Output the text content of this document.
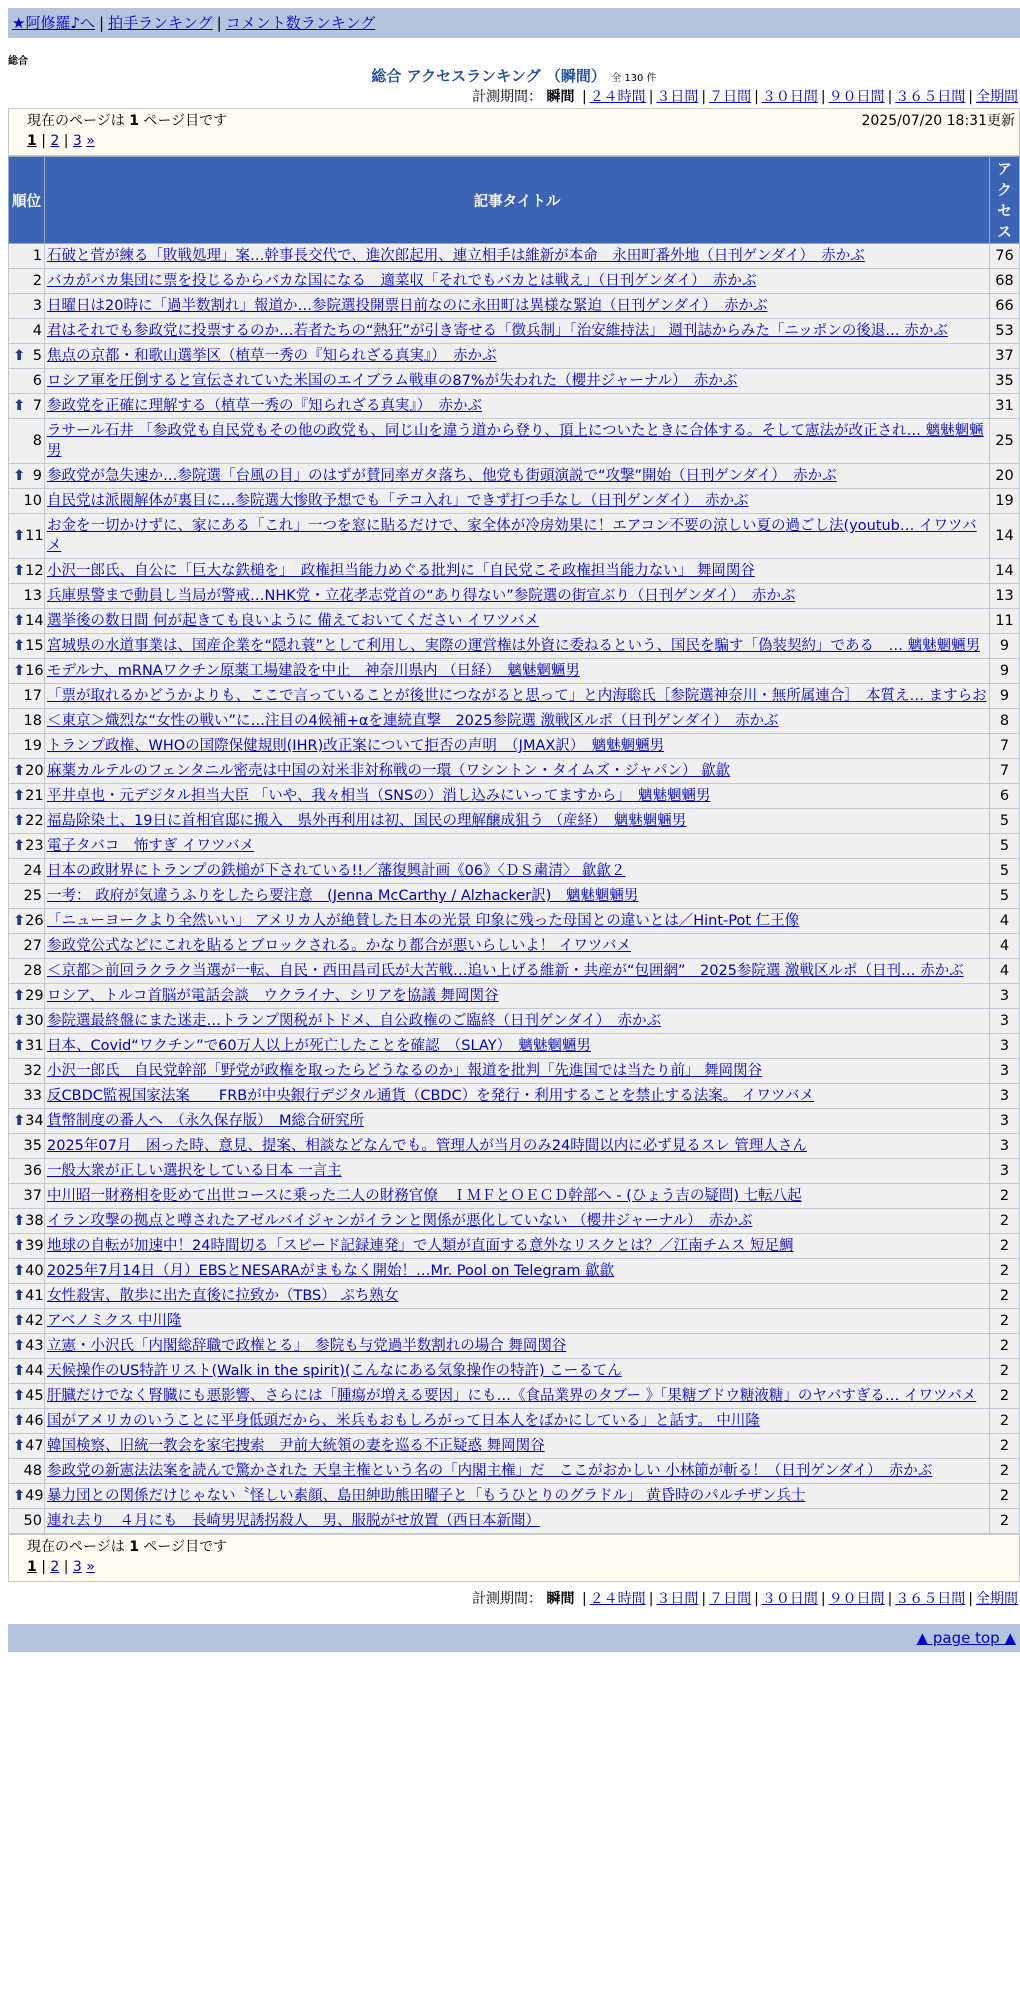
★阿修羅♪へ | 拍手ランキング | コメント数ランキング
総合
総合 アクセスランキング （瞬間） 全 130 件
計測期間： 瞬間 | ２４時間 | ３日間 | ７日間 | ３０日間 | ９０日間 | ３６５日間 | 全期間
現在のページは 1 ページ目です	2025/07/20 18:31更新
1 | 2 | 3 »
順位	記事タイトル	アクセス
1	石破と菅が練る「敗戦処理」案…幹事長交代で、進次郎起用、連立相手は維新が本命　永田町番外地（日刊ゲンダイ）　赤かぶ	76
2	バカがバカ集団に票を投じるからバカな国になる　適菜収「それでもバカとは戦え」（日刊ゲンダイ）　赤かぶ	68
3	日曜日は20時に「過半数割れ」報道か…参院選投開票日前なのに永田町は異様な緊迫（日刊ゲンダイ）　赤かぶ	66
4	君はそれでも参政党に投票するのか…若者たちの“熱狂”が引き寄せる「徴兵制」「治安維持法」 週刊誌からみた「ニッポンの後退… 赤かぶ	53

⬆ 5	焦点の京都・和歌山選挙区（植草一秀の『知られざる真実』）　赤かぶ	37
6	ロシア軍を圧倒すると宣伝されていた米国のエイブラム戦車の87%が失われた（櫻井ジャーナル）　赤かぶ	35

⬆ 7	参政党を正確に理解する（植草一秀の『知られざる真実』）　赤かぶ	31
8	ラサール石井 「参政党も自民党もその他の政党も、同じ山を違う道から登り、頂上についたときに合体する。そして憲法が改正され… 魑魅魍魎男	25

⬆ 9	参政党が急失速か…参院選「台風の目」のはずが賛同率ガタ落ち、他党も街頭演説で“攻撃”開始（日刊ゲンダイ）　赤かぶ	20
10	自民党は派閥解体が裏目に…参院選大惨敗予想でも「テコ入れ」できず打つ手なし（日刊ゲンダイ）　赤かぶ	19

⬆ 11	お金を一切かけずに、家にある「これ」一つを窓に貼るだけで、家全体が冷房効果に！エアコン不要の涼しい夏の過ごし法(youtub… イワツバメ	14

⬆ 12	小沢一郎氏、自公に「巨大な鉄槌を」　政権担当能力めぐる批判に「自民党こそ政権担当能力ない」 舞岡関谷	14
13	兵庫県警まで動員し当局が警戒…NHK党・立花孝志党首の“あり得ない”参院選の街宣ぶり（日刊ゲンダイ）　赤かぶ	13

⬆ 14	選挙後の数日間 何が起きても良いように 備えておいてください イワツバメ	11

⬆ 15	宮城県の水道事業は、国産企業を“隠れ蓑”として利用し、実際の運営権は外資に委ねるという、国民を騙す「偽装契約」である　… 魑魅魍魎男	9

⬆ 16	モデルナ、mRNAワクチン原薬工場建設を中止　神奈川県内 （日経）　魑魅魍魎男	9
17	「票が取れるかどうかよりも、ここで言っていることが後世につながると思って」と内海聡氏［参院選神奈川・無所属連合］　本質え… ますらお	9
18	＜東京＞熾烈な“女性の戦い”に…注目の4候補+αを連続直撃　2025参院選 激戦区ルポ（日刊ゲンダイ）　赤かぶ	8
19	トランプ政権、WHOの国際保健規則(IHR)改正案について拒否の声明　（JMAX訳）　魑魅魍魎男	7

⬆ 20	麻薬カルテルのフェンタニル密売は中国の対米非対称戦の一環（ワシントン・タイムズ・ジャパン） 歙歙	7

⬆ 21	平井卓也・元デジタル担当大臣 「いや、我々相当（SNSの）消し込みにいってますから」　魑魅魍魎男	6

⬆ 22	福島除染土、19日に首相官邸に搬入　県外再利用は初、国民の理解醸成狙う （産経）　魑魅魍魎男	5

⬆ 23	電子タバコ　怖すぎ イワツバメ	5
24	日本の政財界にトランプの鉄槌が下されている!!／藩復興計画《06》〈ＤＳ粛清〉 歙歙２	5
25	一考： 政府が気違うふりをしたら要注意　(Jenna McCarthy / Alzhacker訳)　魑魅魍魎男	5

⬆ 26	「ニューヨークより全然いい」 アメリカ人が絶賛した日本の光景 印象に残った母国との違いとは／Hint-Pot 仁王像	4
27	参政党公式などにこれを貼るとブロックされる。かなり都合が悪いらしいよ！ イワツバメ	4
28	＜京都＞前回ラクラク当選が一転、自民・西田昌司氏が大苦戦…追い上げる維新・共産が“包囲網”　2025参院選 激戦区ルポ（日刊… 赤かぶ	4

⬆ 29	ロシア、トルコ首脳が電話会談　ウクライナ、シリアを協議 舞岡関谷	3

⬆ 30	参院選最終盤にまた迷走…トランプ関税がトドメ、自公政権のご臨終（日刊ゲンダイ）　赤かぶ	3

⬆ 31	日本、Covid“ワクチン”で60万人以上が死亡したことを確認　（SLAY）　魑魅魍魎男	3
32	小沢一郎氏　自民党幹部「野党が政権を取ったらどうなるのか」報道を批判「先進国では当たり前」 舞岡関谷	3
33	反CBDC監視国家法案　　FRBが中央銀行デジタル通貨（CBDC）を発行・利用することを禁止する法案。 イワツバメ	3

⬆ 34	貨幣制度の番人へ　（永久保存版）　M総合研究所	3
35	2025年07月　困った時、意見、提案、相談などなんでも。管理人が当月のみ24時間以内に必ず見るスレ 管理人さん	3
36	一般大衆が正しい選択をしている日本 一言主	3
37	中川昭一財務相を貶めて出世コースに乗った二人の財務官僚　ＩＭＦとＯＥＣＤ幹部へ - (ひょう吉の疑問) 七転八起	2

⬆ 38	イラン攻撃の拠点と噂されたアゼルバイジャンがイランと関係が悪化していない （櫻井ジャーナル）　赤かぶ	2

⬆ 39	地球の自転が加速中！24時間切る「スピード記録連発」で人類が直面する意外なリスクとは？／江南チムス 短足鯛	2

⬆ 40	2025年7月14日（月）EBSとNESARAがまもなく開始！…Mr. Pool on Telegram 歙歙	2

⬆ 41	女性殺害、散歩に出た直後に拉致か（TBS） ぷち熟女	2

⬆ 42	アベノミクス 中川隆	2

⬆ 43	立憲・小沢氏「内閣総辞職で政権とる」　参院も与党過半数割れの場合 舞岡関谷	2

⬆ 44	天候操作のUS特許リスト(Walk in the spirit)(こんなにある気象操作の特許) こーるてん	2

⬆ 45	肝臓だけでなく腎臓にも悪影響、さらには「腫瘍が増える要因」にも…《食品業界のタブー 》「果糖ブドウ糖液糖」のヤバすぎる… イワツバメ	2

⬆ 46	国がアメリカのいうことに平身低頭だから、米兵もおもしろがって日本人をばかにしている」と話す。 中川隆	2

⬆ 47	韓国検察、旧統一教会を家宅捜索　尹前大統領の妻を巡る不正疑惑 舞岡関谷	2
48	参政党の新憲法法案を読んで驚かされた 天皇主権という名の「内閣主権」だ　ここがおかしい 小林節が斬る！（日刊ゲンダイ）　赤かぶ	2

⬆ 49	暴力団との関係だけじゃない〝怪しい素顔、島田紳助熊田曜子と「もうひとりのグラドル」 黄昏時のパルチザン兵士	2
50	連れ去り　４月にも　長崎男児誘拐殺人　男、服脱がせ放置（西日本新聞）	2
現在のページは 1 ページ目です
1 | 2 | 3 »
計測期間： 瞬間 | ２４時間 | ３日間 | ７日間 | ３０日間 | ９０日間 | ３６５日間 | 全期間
▲ page top ▲
